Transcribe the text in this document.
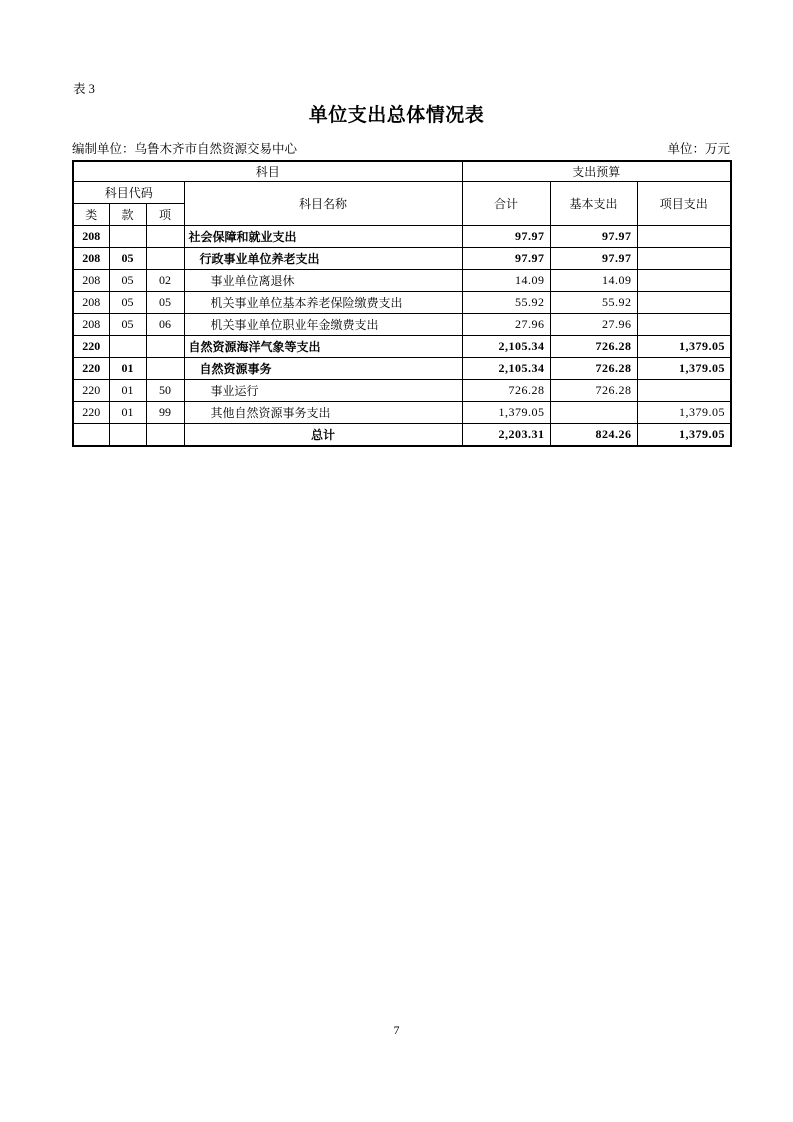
表 3
单位支出总体情况表
编制单位：乌鲁木齐市自然资源交易中心	单位：万元
科目				支出预算		
科目代码			科目名称	合计	基本支出	项目支出
类	款	项				
208			社会保障和就业支出	97.97	97.97	
208	05		行政事业单位养老支出	97.97	97.97	
208	05	02	事业单位离退休	14.09	14.09	
208	05	05	机关事业单位基本养老保险缴费支出	55.92	55.92	
208	05	06	机关事业单位职业年金缴费支出	27.96	27.96	
220			自然资源海洋气象等支出	2,105.34	726.28	1,379.05
220	01		自然资源事务	2,105.34	726.28	1,379.05
220	01	50	事业运行	726.28	726.28	
220	01	99	其他自然资源事务支出	1,379.05		1,379.05
			总计	2,203.31	824.26	1,379.05
7
